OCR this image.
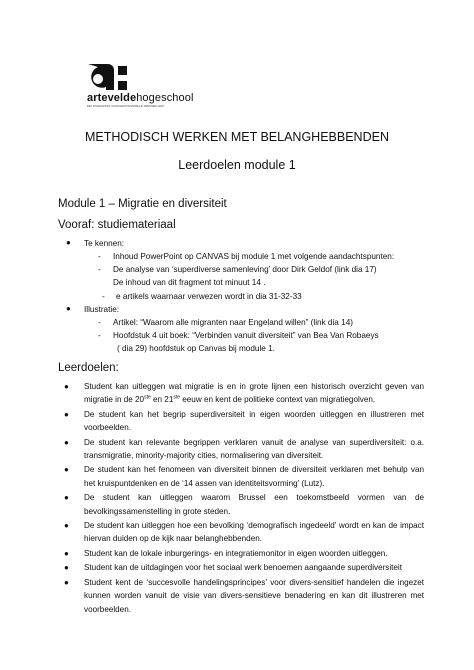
arteveldehogeschool
EEN HOGESCHOOL VOOR MAATSCHAPPELIJK OPENHEID GENT
METHODISCH WERKEN MET BELANGHEBBENDEN
Leerdoelen module 1
Module 1 – Migratie en diversiteit
Vooraf: studiemateriaal
● Te kennen:
- Inhoud PowerPoint op CANVAS bij module 1 met volgende aandachtspunten:
- De analyse van ‘superdiverse samenleving’ door Dirk Geldof (link dia 17)
De inhoud van dit fragment tot minuut 14 .
- e artikels waarnaar verwezen wordt in dia 31-32-33
● Illustratie:
- Artikel: “Waarom alle migranten naar Engeland willen” (link dia 14)
- Hoofdstuk 4 uit boek: “Verbinden vanuit diversiteit” van Bea Van Robaeys
( dia 29) hoofdstuk op Canvas bij module 1.
Leerdoelen:
● Student kan uitleggen wat migratie is en in grote lijnen een historisch overzicht geven van migratie in de 20ste en 21ste eeuw en kent de politieke context van migratiegolven.
● De student kan het begrip superdiversiteit in eigen woorden uitleggen en illustreren met voorbeelden.
● De student kan relevante begrippen verklaren vanuit de analyse van superdiversiteit: o.a. transmigratie, minority-majority cities, normalisering van diversiteit.
● De student kan het fenomeen van diversiteit binnen de diversiteit verklaren met behulp van het kruispuntdenken en de ‘14 assen van identiteitsvorming’ (Lutz).
● De student kan uitleggen waarom Brussel een toekomstbeeld vormen van de bevolkingssamenstelling in grote steden.
● De student kan uitleggen hoe een bevolking ‘demografisch ingedeeld’ wordt en kan de impact hiervan duiden op de kijk naar belanghebbenden.
● Student kan de lokale inburgerings- en integratiemonitor in eigen woorden uitleggen.
● Student kan de uitdagingen voor het sociaal werk benoemen aangaande superdiversiteit
● Student kent de ‘succesvolle handelingsprincipes’ voor divers-sensitief handelen die ingezet kunnen worden vanuit de visie van divers-sensitieve benadering en kan dit illustreren met voorbeelden.
